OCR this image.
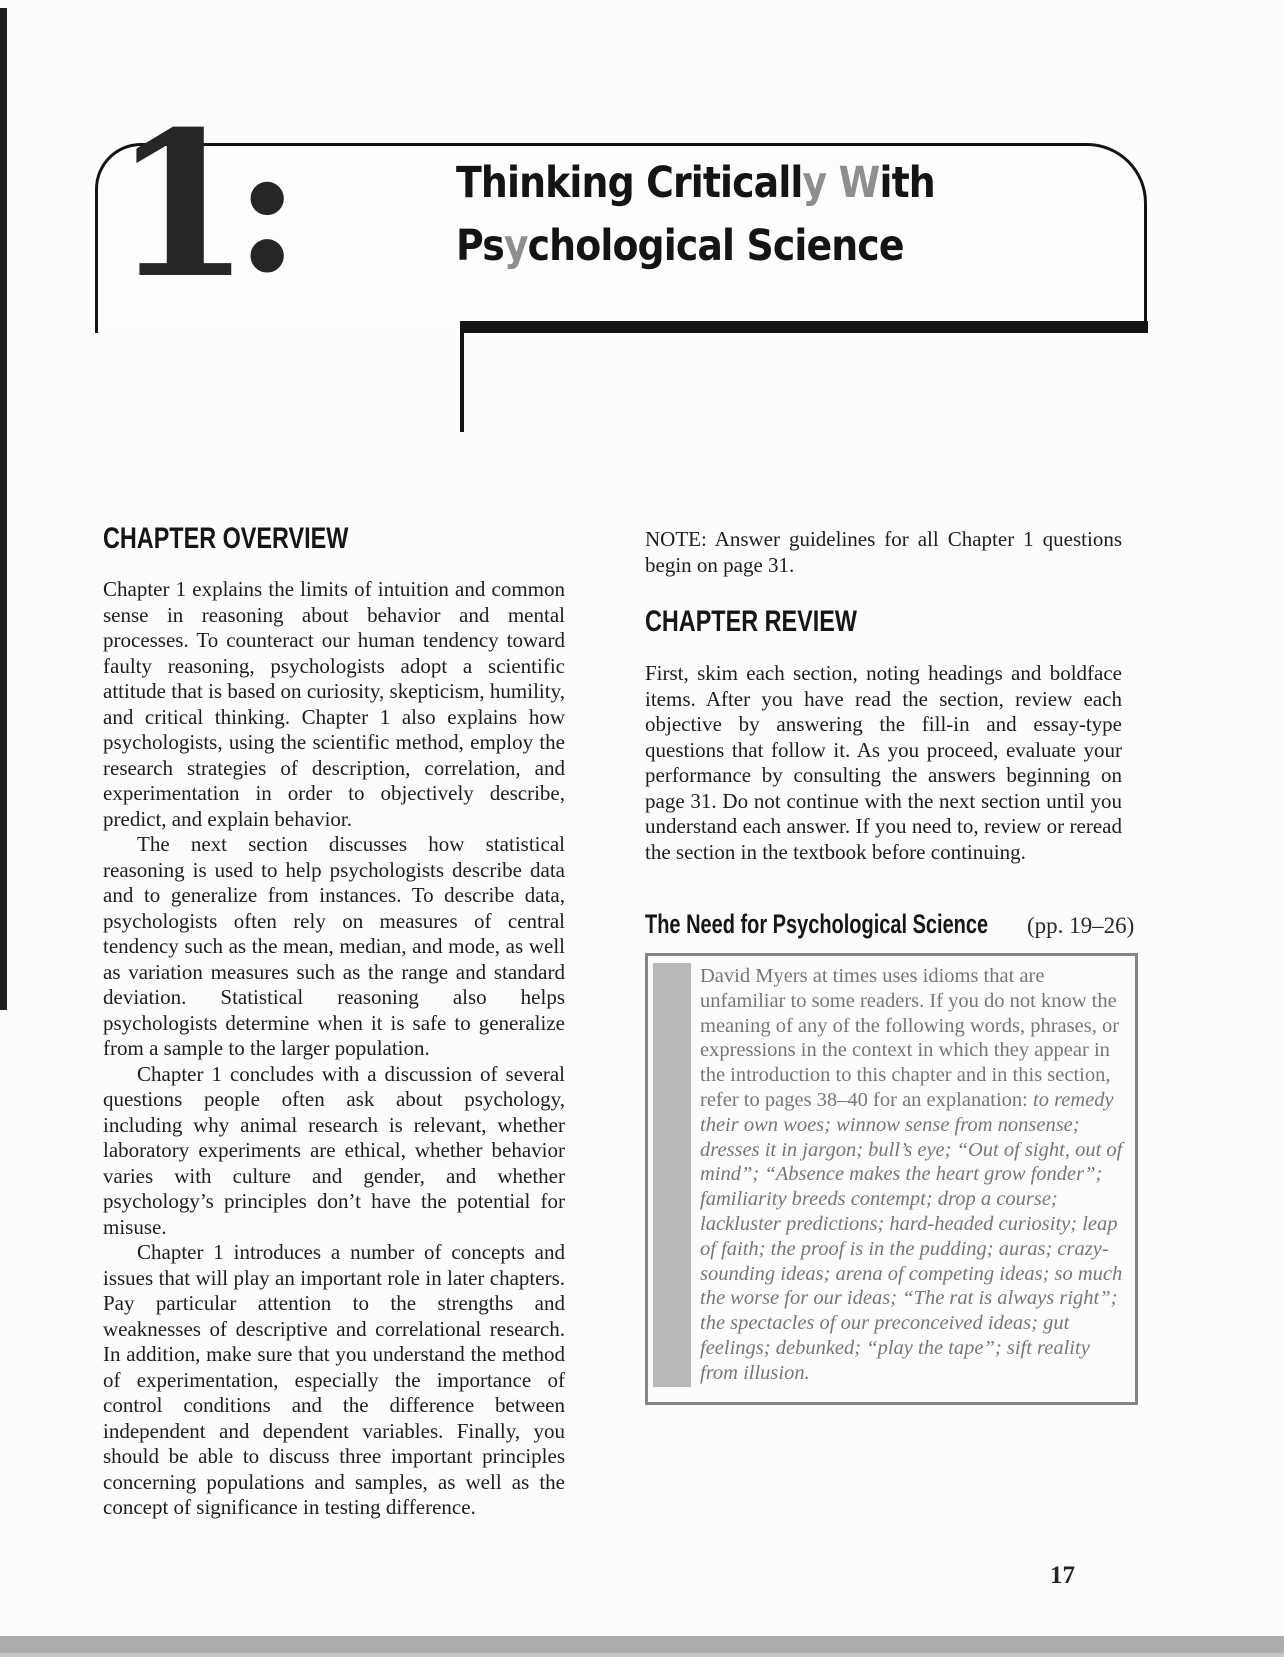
1
:	Thinking Critically With
Psychological Science
CHAPTER OVERVIEW

Chapter 1 explains the limits of intuition and common sense in reasoning about behavior and mental processes. To counteract our human tendency toward faulty reasoning, psychologists adopt a scientific attitude that is based on curiosity, skepticism, humility, and critical thinking. Chapter 1 also explains how psychologists, using the scientific method, employ the research strategies of description, correlation, and experimentation in order to objectively describe, predict, and explain behavior.

The next section discusses how statistical reasoning is used to help psychologists describe data and to generalize from instances. To describe data, psychologists often rely on measures of central tendency such as the mean, median, and mode, as well as variation measures such as the range and standard deviation. Statistical reasoning also helps psychologists determine when it is safe to generalize from a sample to the larger population.

Chapter 1 concludes with a discussion of several questions people often ask about psychology, including why animal research is relevant, whether laboratory experiments are ethical, whether behavior varies with culture and gender, and whether psychology’s principles don’t have the potential for misuse.

Chapter 1 introduces a number of concepts and issues that will play an important role in later chapters. Pay particular attention to the strengths and weaknesses of descriptive and correlational research. In addition, make sure that you understand the method of experimentation, especially the importance of control conditions and the difference between independent and dependent variables. Finally, you should be able to discuss three important principles concerning populations and samples, as well as the concept of significance in testing difference.

NOTE: Answer guidelines for all Chapter 1 questions begin on page 31.

CHAPTER REVIEW

First, skim each section, noting headings and boldface items. After you have read the section, review each objective by answering the fill-in and essay-type questions that follow it. As you proceed, evaluate your performance by consulting the answers beginning on page 31. Do not continue with the next section until you understand each answer. If you need to, review or reread the section in the textbook before continuing.

The Need for Psychological Science (pp. 19–26)

David Myers at times uses idioms that are unfamiliar to some readers. If you do not know the meaning of any of the following words, phrases, or expressions in the context in which they appear in the introduction to this chapter and in this section, refer to pages 38–40 for an explanation: to remedy their own woes; winnow sense from nonsense; dresses it in jargon; bull’s eye; “Out of sight, out of mind”; “Absence makes the heart grow fonder”; familiarity breeds contempt; drop a course; lackluster predictions; hard-headed curiosity; leap of faith; the proof is in the pudding; auras; crazy-sounding ideas; arena of competing ideas; so much the worse for our ideas; “The rat is always right”; the spectacles of our preconceived ideas; gut feelings; debunked; “play the tape”; sift reality from illusion.

17
